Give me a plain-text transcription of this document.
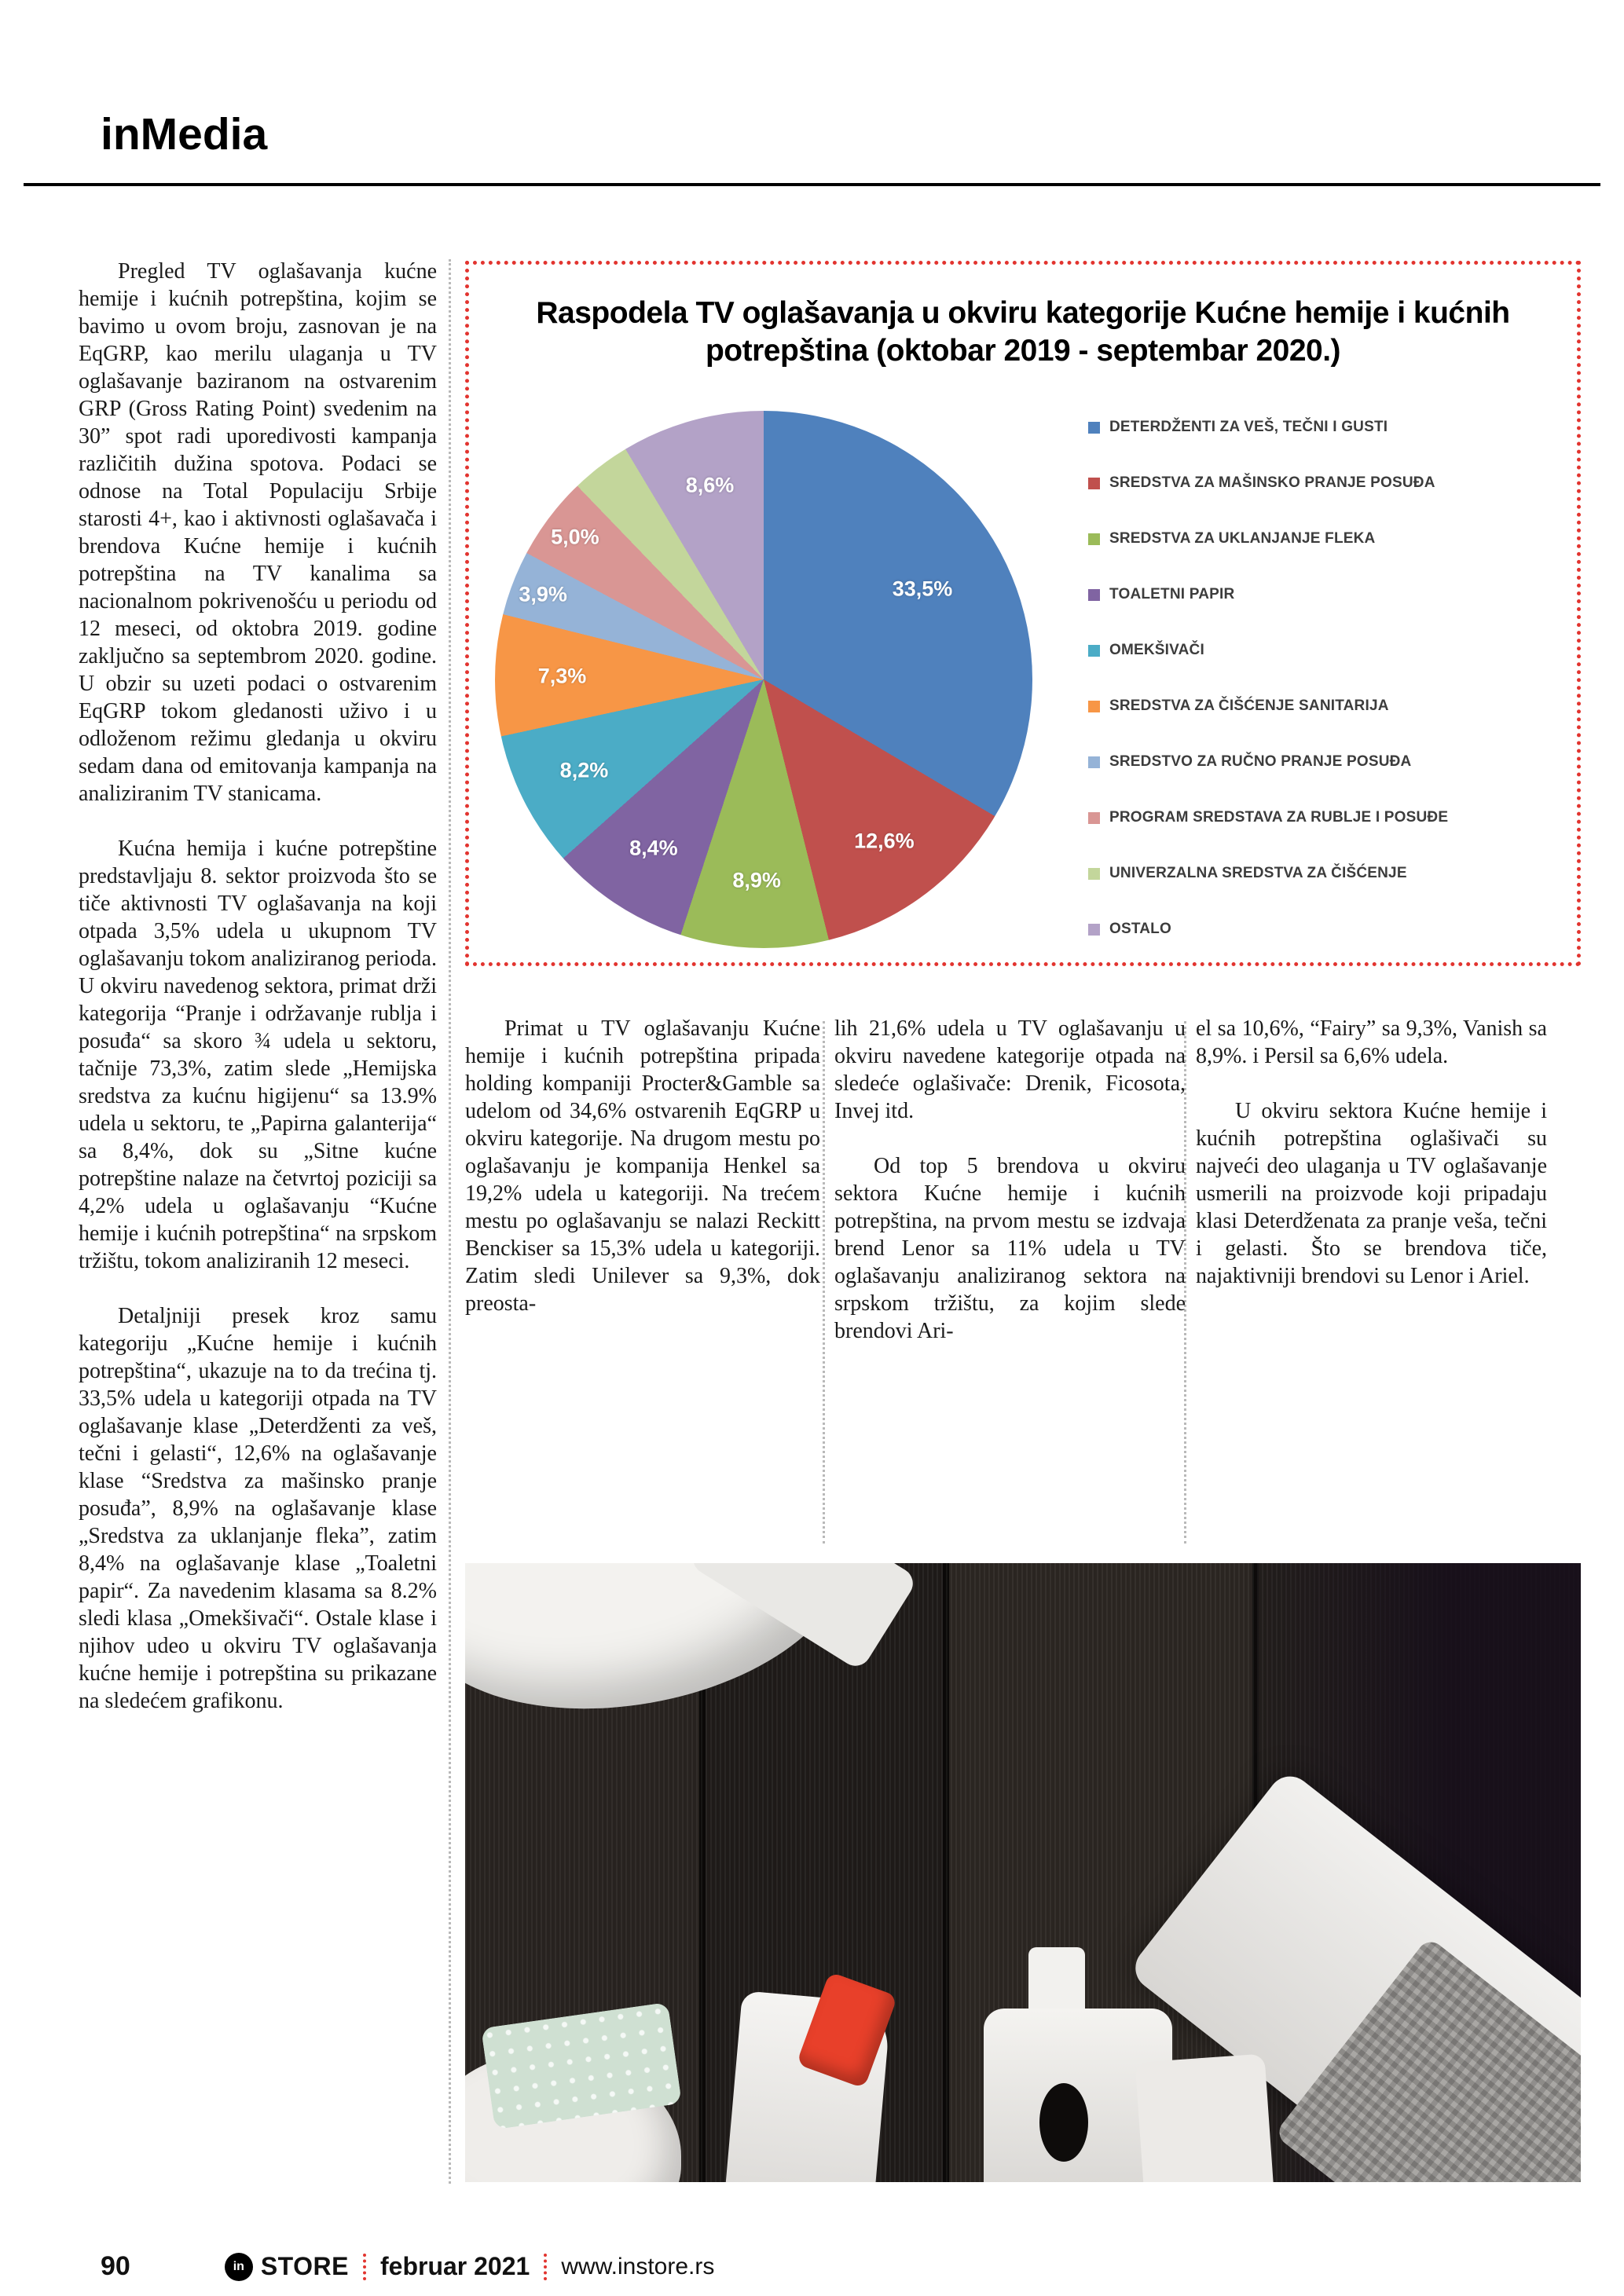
inMedia

Pregled TV oglašavanja kućne hemije i kućnih potrepština, kojim se bavimo u ovom broju, zasnovan je na EqGRP, kao merilu ulaganja u TV oglašavanje baziranom na ostvarenim GRP (Gross Rating Point) svedenim na 30” spot radi uporedivosti kampanja različitih dužina spotova. Podaci se odnose na Total Populaciju Srbije starosti 4+, kao i aktivnosti oglašavača i brendova Kućne hemije i kućnih potrepština na TV kanalima sa nacionalnom pokrivenošću u periodu od 12 meseci, od oktobra 2019. godine zaključno sa septembrom 2020. godine. U obzir su uzeti podaci o ostvarenim EqGRP tokom gledanosti uživo i u odloženom režimu gledanja u okviru sedam dana od emitovanja kampanja na analiziranim TV stanicama.

Kućna hemija i kućne potrepštine predstavljaju 8. sektor proizvoda što se tiče aktivnosti TV oglašavanja na koji otpada 3,5% udela u ukupnom TV oglašavanju tokom analiziranog perioda. U okviru navedenog sektora, primat drži kategorija “Pranje i održavanje rublja i posuđa“ sa skoro ¾ udela u sektoru, tačnije 73,3%, zatim slede „Hemijska sredstva za kućnu higijenu“ sa 13.9% udela u sektoru, te „Papirna galanterija“ sa 8,4%, dok su „Sitne kućne potrepštine nalaze na četvrtoj poziciji sa 4,2% udela u oglašavanju “Kućne hemije i kućnih potrepština“ na srpskom tržištu, tokom analiziranih 12 meseci.

Detaljniji presek kroz samu kategoriju „Kućne hemije i kućnih potrepština“, ukazuje na to da trećina tj. 33,5% udela u kategoriji otpada na TV oglašavanje klase „Deterdženti za veš, tečni i gelasti“, 12,6% na oglašavanje klase “Sredstva za mašinsko pranje posuđa”, 8,9% na oglašavanje klase „Sredstva za uklanjanje fleka”, zatim 8,4% na oglašavanje klase „Toaletni papir“. Za navedenim klasama sa 8.2% sledi klasa „Omekšivači“. Ostale klase i njihov udeo u okviru TV oglašavanja kućne hemije i potrepština su prikazane na sledećem grafikonu.

Raspodela TV oglašavanja u okviru kategorije Kućne hemije i kućnih potrepština (oktobar 2019 - septembar 2020.)
33,5%
12,6%
8,9%
8,4%
8,2%
7,3%
3,9%
5,0%
8,6%
DETERDŽENTI ZA VEŠ, TEČNI I GUSTI
SREDSTVA ZA MAŠINSKO PRANJE POSUĐA
SREDSTVA ZA UKLANJANJE FLEKA
TOALETNI PAPIR
OMEKŠIVAČI
SREDSTVA ZA ČIŠĆENJE SANITARIJA
SREDSTVO ZA RUČNO PRANJE POSUĐA
PROGRAM SREDSTAVA ZA RUBLJE I POSUĐE
UNIVERZALNA SREDSTVA ZA ČIŠĆENJE
OSTALO

Primat u TV oglašavanju Kućne hemije i kućnih potrepština pripada holding kompaniji Procter&Gamble sa udelom od 34,6% ostvarenih EqGRP u okviru kategorije. Na drugom mestu po oglašavanju je kompanija Henkel sa 19,2% udela u kategoriji. Na trećem mestu po oglašavanju se nalazi Reckitt Benckiser sa 15,3% udela u kategoriji. Zatim sledi Unilever sa 9,3%, dok preosta-

lih 21,6% udela u TV oglašavanju u okviru navedene kategorije otpada na sledeće oglašivače: Drenik, Ficosota, Invej itd.

Od top 5 brendova u okviru sektora Kućne hemije i kućnih potrepština, na prvom mestu se izdvaja brend Lenor sa 11% udela u TV oglašavanju analiziranog sektora na srpskom tržištu, za kojim slede brendovi Ari-

el sa 10,6%, “Fairy” sa 9,3%, Vanish sa 8,9%. i Persil sa 6,6% udela.

U okviru sektora Kućne hemije i kućnih potrepština oglašivači su najveći deo ulaganja u TV oglašavanje usmerili na proizvode koji pripadaju klasi Deterdženata za pranje veša, tečni i gelasti. Što se brendova tiče, najaktivniji brendovi su Lenor i Ariel.

90	in STORE februar 2021 www.instore.rs
